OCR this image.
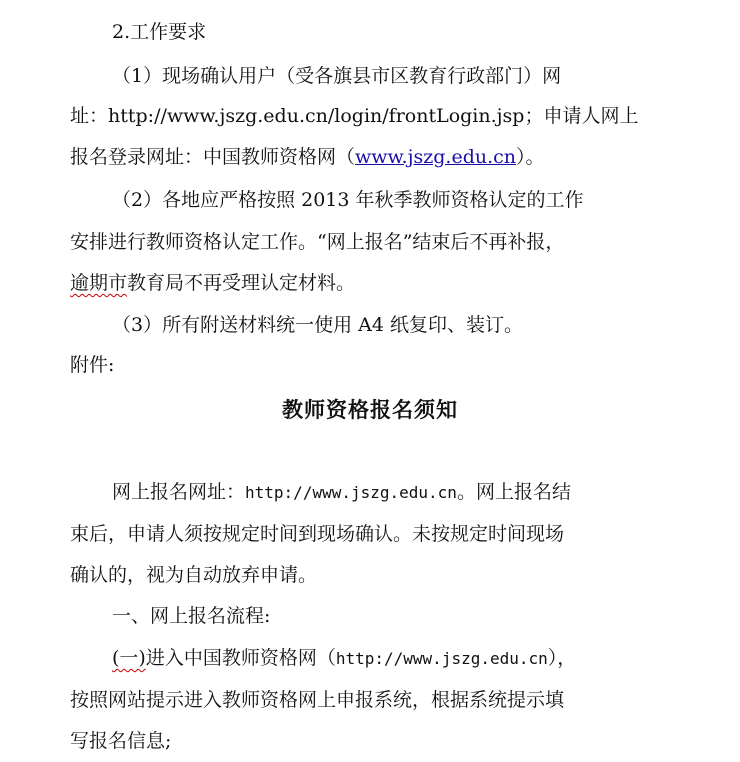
2.工作要求
（1）现场确认用户（受各旗县市区教育行政部门）网
址：http://www.jszg.edu.cn/login/frontLogin.jsp；申请人网上
报名登录网址：中国教师资格网（www.jszg.edu.cn）。
（2）各地应严格按照 2013 年秋季教师资格认定的工作
安排进行教师资格认定工作。“网上报名”结束后不再补报，
逾期市教育局不再受理认定材料。
（3）所有附送材料统一使用 A4 纸复印、装订。
附件:
教师资格报名须知
网上报名网址：http://www.jszg.edu.cn。网上报名结
束后，申请人须按规定时间到现场确认。未按规定时间现场
确认的，视为自动放弃申请。
一、网上报名流程:
(一)进入中国教师资格网（http://www.jszg.edu.cn），
按照网站提示进入教师资格网上申报系统，根据系统提示填
写报名信息;
